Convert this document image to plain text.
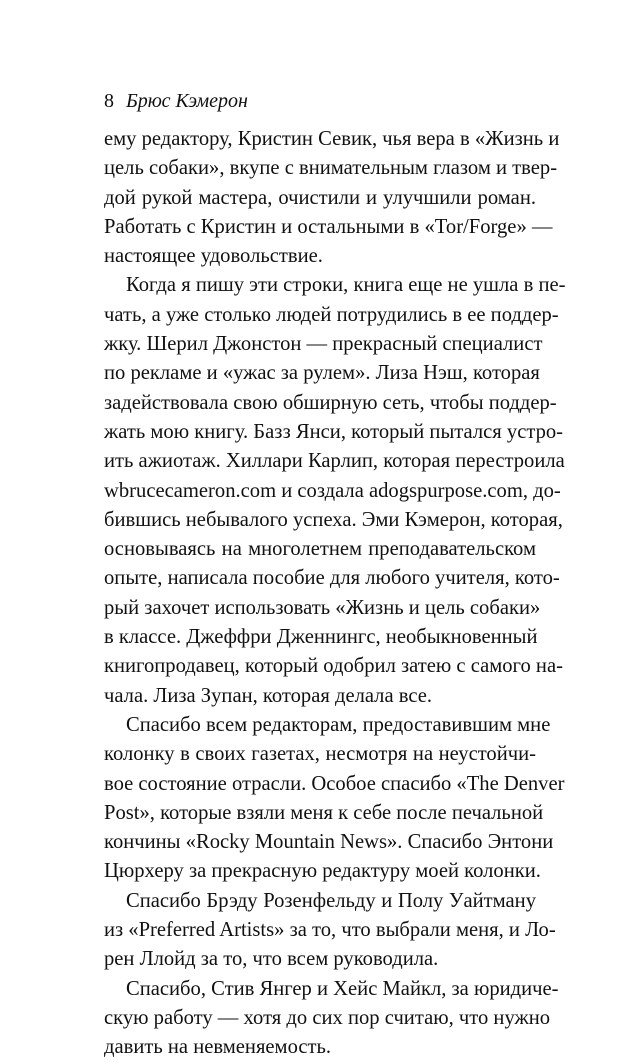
8 Брюс Кэмерон
ему редактору, Кристин Севик, чья вера в «Жизнь и
цель собаки», вкупе с внимательным глазом и твер-
дой рукой мастера, очистили и улучшили роман.
Работать с Кристин и остальными в «Tor/Forge» —
настоящее удовольствие.
Когда я пишу эти строки, книга еще не ушла в пе-
чать, а уже столько людей потрудились в ее поддер-
жку. Шерил Джонстон — прекрасный специалист
по рекламе и «ужас за рулем». Лиза Нэш, которая
задействовала свою обширную сеть, чтобы поддер-
жать мою книгу. Базз Янси, который пытался устро-
ить ажиотаж. Хиллари Карлип, которая перестроила
wbrucecameron.com и создала adogspurpose.com, до-
бившись небывалого успеха. Эми Кэмерон, которая,
основываясь на многолетнем преподавательском
опыте, написала пособие для любого учителя, кото-
рый захочет использовать «Жизнь и цель собаки»
в классе. Джеффри Дженнингс, необыкновенный
книгопродавец, который одобрил затею с самого на-
чала. Лиза Зупан, которая делала все.
Спасибо всем редакторам, предоставившим мне
колонку в своих газетах, несмотря на неустойчи-
вое состояние отрасли. Особое спасибо «The Denver
Post», которые взяли меня к себе после печальной
кончины «Rocky Mountain News». Спасибо Энтони
Цюрхеру за прекрасную редактуру моей колонки.
Спасибо Брэду Розенфельду и Полу Уайтману
из «Preferred Artists» за то, что выбрали меня, и Ло-
рен Ллойд за то, что всем руководила.
Спасибо, Стив Янгер и Хейс Майкл, за юридиче-
скую работу — хотя до сих пор считаю, что нужно
давить на невменяемость.
